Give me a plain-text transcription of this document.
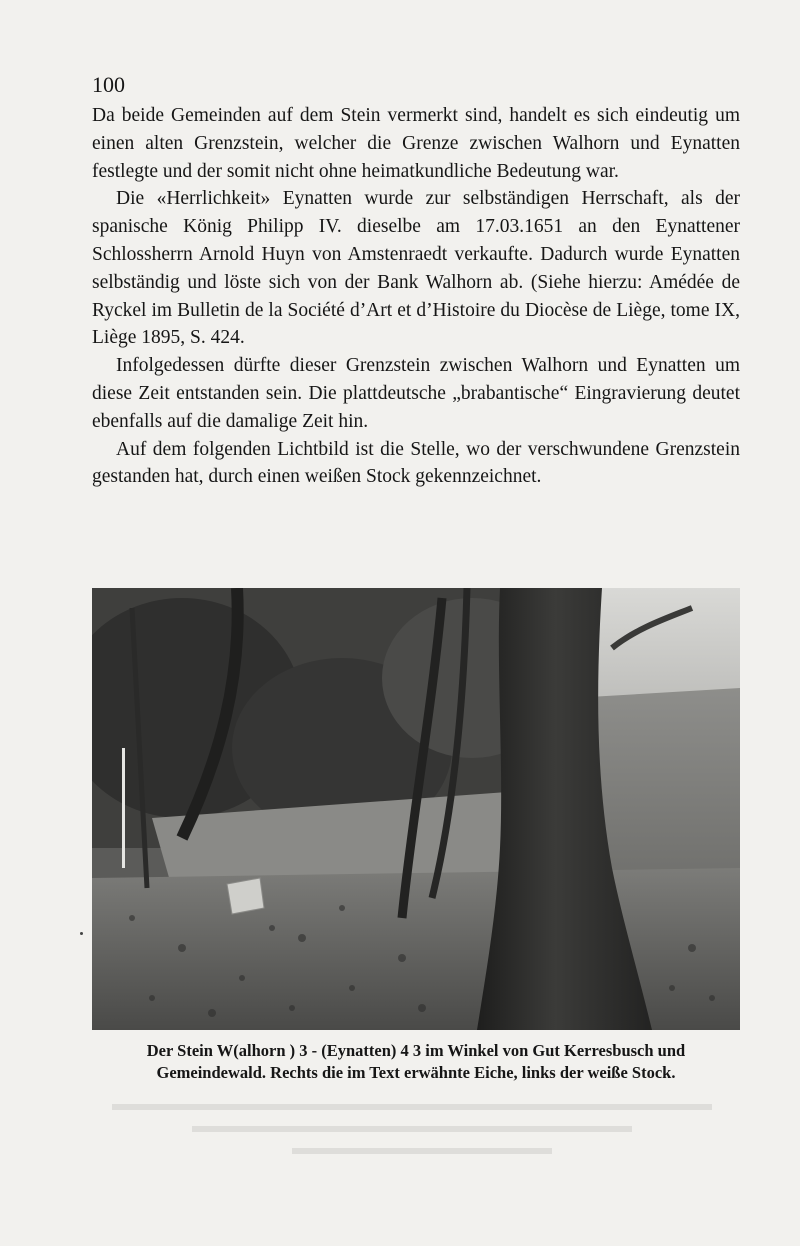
100

Da beide Gemeinden auf dem Stein vermerkt sind, handelt es sich eindeutig um einen alten Grenzstein, welcher die Grenze zwischen Walhorn und Eynatten festlegte und der somit nicht ohne heimatkundliche Bedeutung war.

Die «Herrlichkeit» Eynatten wurde zur selbständigen Herrschaft, als der spanische König Philipp IV. dieselbe am 17.03.1651 an den Eynattener Schlossherrn Arnold Huyn von Amstenraedt verkaufte. Dadurch wurde Eynatten selbständig und löste sich von der Bank Walhorn ab. (Siehe hierzu: Amédée de Ryckel im Bulletin de la Société d’Art et d’Histoire du Diocèse de Liège, tome IX, Liège 1895, S. 424.

Infolgedessen dürfte dieser Grenzstein zwischen Walhorn und Eynatten um diese Zeit entstanden sein. Die plattdeutsche „brabantische“ Eingravierung deutet ebenfalls auf die damalige Zeit hin.

Auf dem folgenden Lichtbild ist die Stelle, wo der verschwundene Grenzstein gestanden hat, durch einen weißen Stock gekennzeichnet.

Der Stein W(alhorn ) 3 - (Eynatten) 4 3 im Winkel von Gut Kerresbusch und Gemeindewald. Rechts die im Text erwähnte Eiche, links der weiße Stock.
